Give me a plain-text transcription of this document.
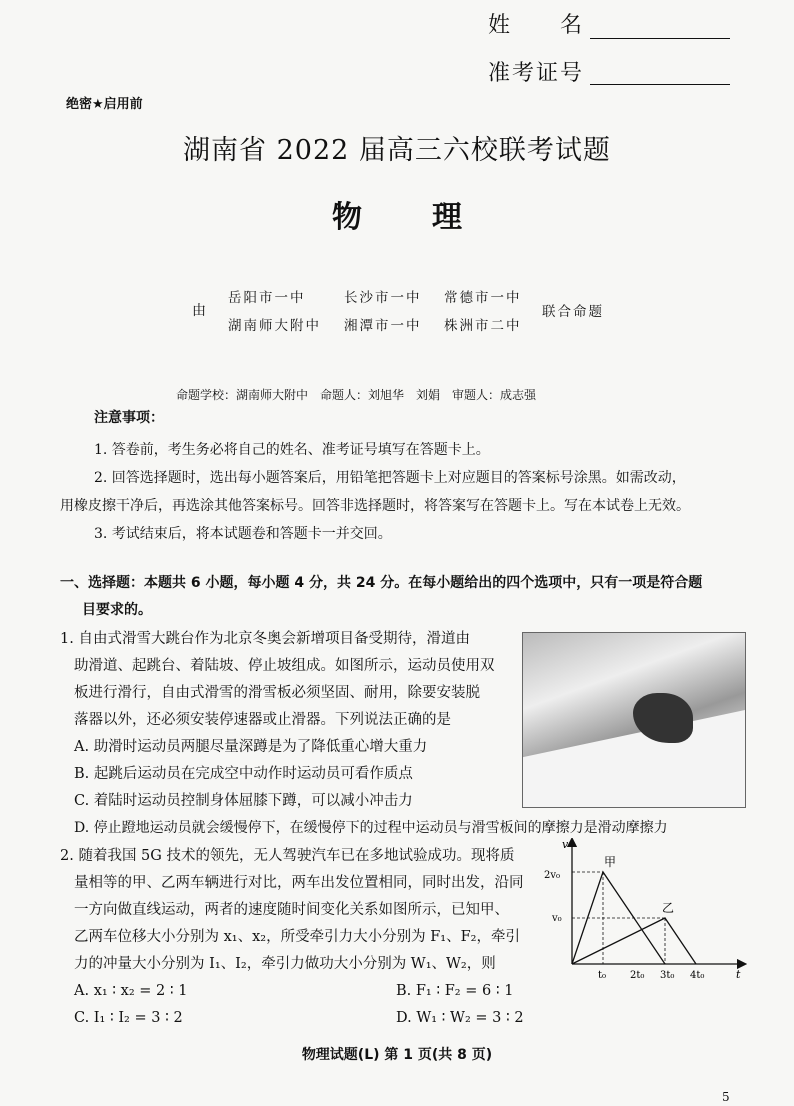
姓　　名
准考证号
绝密★启用前
湖南省 2022 届高三六校联考试题
物　理
由
岳阳市一中	长沙市一中 常德市一中
湖南师大附中 湘潭市一中 株洲市二中
联合命题
命题学校：湖南师大附中　命题人：刘旭华　刘娟　审题人：成志强
注意事项：
1. 答卷前，考生务必将自己的姓名、准考证号填写在答题卡上。
2. 回答选择题时，选出每小题答案后，用铅笔把答题卡上对应题目的答案标号涂黑。如需改动，
用橡皮擦干净后，再选涂其他答案标号。回答非选择题时，将答案写在答题卡上。写在本试卷上无效。
3. 考试结束后，将本试题卷和答题卡一并交回。
一、选择题：本题共 6 小题，每小题 4 分，共 24 分。在每小题给出的四个选项中，只有一项是符合题
目要求的。
1. 自由式滑雪大跳台作为北京冬奥会新增项目备受期待，滑道由
助滑道、起跳台、着陆坡、停止坡组成。如图所示，运动员使用双
板进行滑行，自由式滑雪的滑雪板必须坚固、耐用，除要安装脱
落器以外，还必须安装停速器或止滑器。下列说法正确的是
A. 助滑时运动员两腿尽量深蹲是为了降低重心增大重力
B. 起跳后运动员在完成空中动作时运动员可看作质点
C. 着陆时运动员控制身体屈膝下蹲，可以减小冲击力
D. 停止蹬地运动员就会缓慢停下，在缓慢停下的过程中运动员与滑雪板间的摩擦力是滑动摩擦力
2. 随着我国 5G 技术的领先，无人驾驶汽车已在多地试验成功。现将质
量相等的甲、乙两车辆进行对比，两车出发位置相同，同时出发，沿同
一方向做直线运动，两者的速度随时间变化关系如图所示，已知甲、
乙两车位移大小分别为 x₁、x₂，所受牵引力大小分别为 F₁、F₂，牵引
力的冲量大小分别为 I₁、I₂，牵引力做功大小分别为 W₁、W₂，则
A. x₁ ∶ x₂ = 2 ∶ 1	B. F₁ ∶ F₂ = 6 ∶ 1
C. I₁ ∶ I₂ = 3 ∶ 2	D. W₁ ∶ W₂ = 3 ∶ 2
v
t
2v₀
v₀
t₀ 2t₀ 3t₀ 4t₀
甲
乙
物理试题(L) 第 1 页(共 8 页)
5
